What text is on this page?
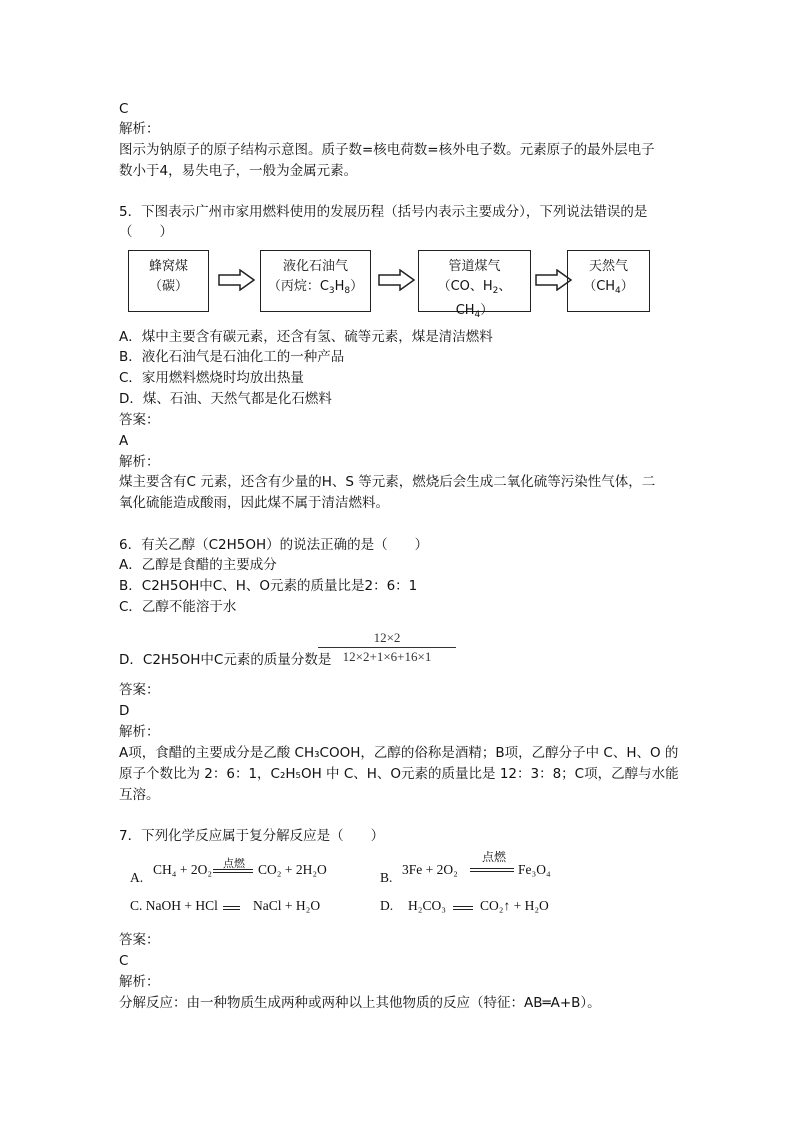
C
解析：
图示为钠原子的原子结构示意图。质子数=核电荷数=核外电子数。元素原子的最外层电子
数小于4，易失电子，一般为金属元素。
5．下图表示广州市家用燃料使用的发展历程（括号内表示主要成分），下列说法错误的是
（　　）
蜂窝煤
（碳）
液化石油气
（丙烷：$C_3H_8$）
管道煤气
（CO、$H_2$、$CH_4$）
天然气
$(CH_4)$
A．煤中主要含有碳元素，还含有氢、硫等元素，煤是清洁燃料
B．液化石油气是石油化工的一种产品
C．家用燃料燃烧时均放出热量
D．煤、石油、天然气都是化石燃料
答案：
A
解析：
煤主要含有C 元素，还含有少量的H、S 等元素，燃烧后会生成二氧化硫等污染性气体，二
氧化硫能造成酸雨，因此煤不属于清洁燃料。
6．有关乙醇（C2H5OH）的说法正确的是（　　）
A．乙醇是食醋的主要成分
B．C2H5OH中C、H、O元素的质量比是2：6：1
C．乙醇不能溶于水
D．C2H5OH中C元素的质量分数是
12×2
12×2+1×6+16×1
答案：
D
解析：
A项，食醋的主要成分是乙酸 CH₃COOH，乙醇的俗称是酒精；B项，乙醇分子中 C、H、O 的
原子个数比为 2：6：1，C₂H₅OH 中 C、H、O元素的质量比是 12：3：8；C项，乙醇与水能
互溶。
7．下列化学反应属于复分解反应是（　　）
A.
CH₄ + 2O₂ 点燃 CO₂ + 2H₂O
B.
3Fe + 2O₂
点燃
Fe₃O₄
C. NaOH + HCl	NaCl + H₂O	D. H₂CO₃	CO₂↑ + H₂O
答案：
C
解析：
分解反应：由一种物质生成两种或两种以上其他物质的反应（特征：AB═A+B）。
